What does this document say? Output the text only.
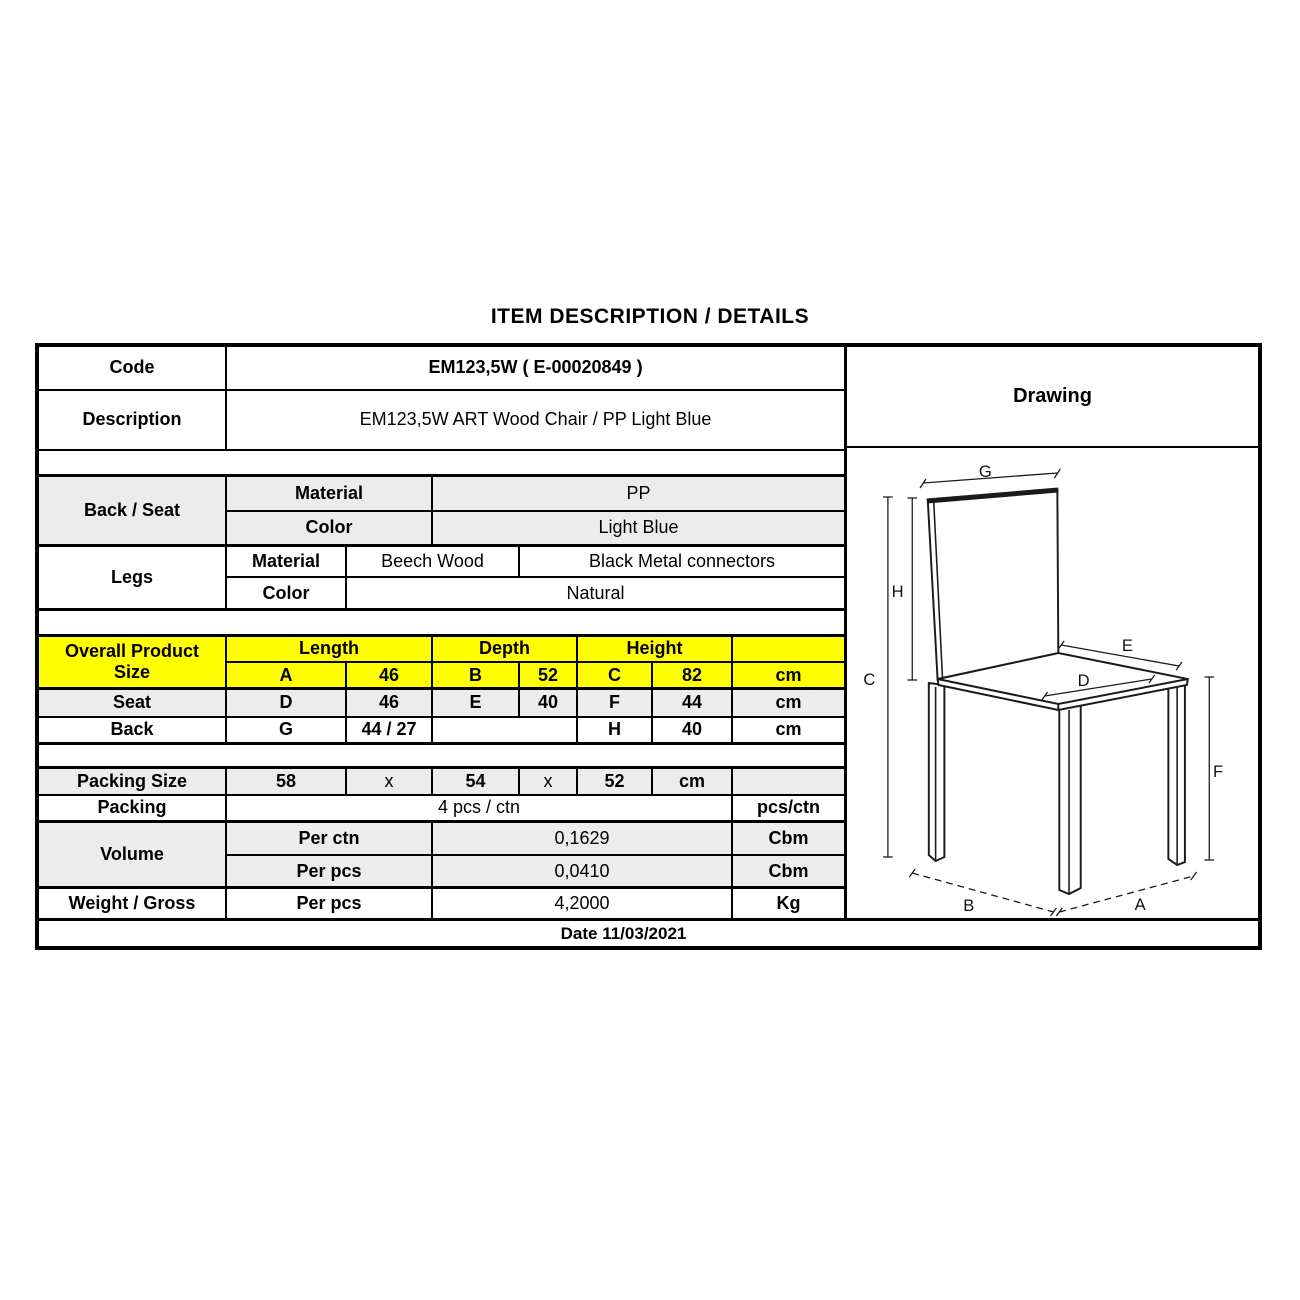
ITEM DESCRIPTION / DETAILS
Code	EM123,5W ( E-00020849 )						
Description	EM123,5W ART Wood Chair / PP Light Blue						

Back / Seat	Material		PP				
	Color		Light Blue				
Legs	Material	Beech Wood		Black Metal connectors			
	Color	Natural					

Overall Product
Size	Length		Depth		Height		
	A	46	B	52	C	82	cm
Seat	D	46	E	40	F	44	cm
Back	G	44 / 27			H	40	cm

Packing Size	58	x	54	x	52	cm	
Packing	4 pcs / ctn						pcs/ctn
Volume	Per ctn		0,1629				Cbm
	Per pcs		0,0410				Cbm
Weight / Gross	Per pcs		4,2000				Kg
Drawing
G
H
C
E
D
F
B	A
Date 11/03/2021
